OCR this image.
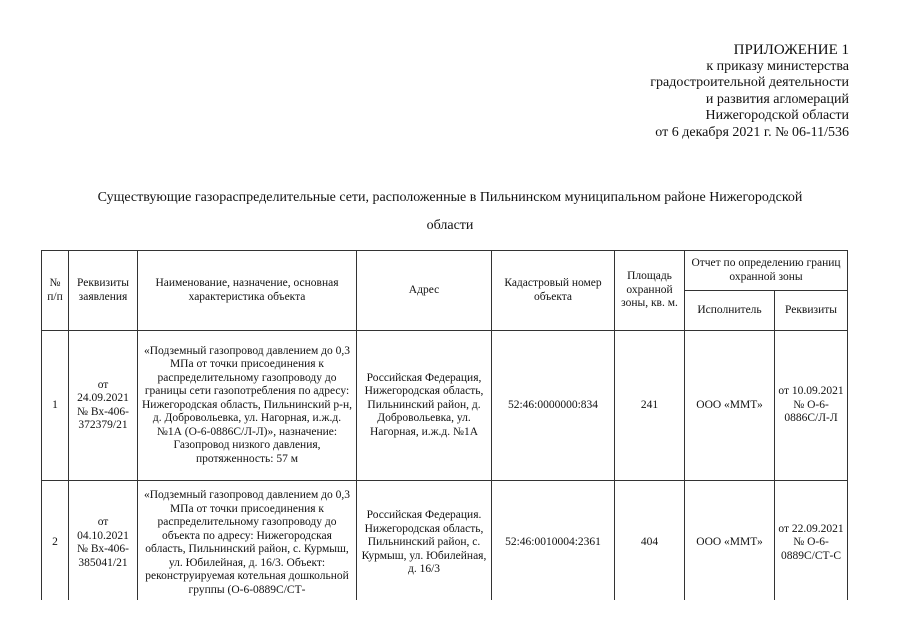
ПРИЛОЖЕНИЕ 1
к приказу министерства
градостроительной деятельности
и развития агломераций
Нижегородской области
от 6 декабря 2021 г. № 06-11/536
Существующие газораспределительные сети, расположенные в Пильнинском муниципальном районе Нижегородской
области
№ п/п	Реквизиты заявления	Наименование, назначение, основная характеристика объекта	Адрес	Кадастровый номер объекта	Площадь охранной зоны, кв. м.	Отчет по определению границ охранной зоны	
						Исполнитель	Реквизиты
1	от 24.09.2021 № Вх-406-372379/21	«Подземный газопровод давлением до 0,3 МПа от точки присоединения к распределительному газопроводу до границы сети газопотребления по адресу: Нижегородская область, Пильнинский р-н, д. Добровольевка, ул. Нагорная, и.ж.д. №1А (О-6-0886С/Л-Л)», назначение: Газопровод низкого давления, протяженность: 57 м	Российская Федерация, Нижегородская область, Пильнинский район, д. Добровольевка, ул. Нагорная, и.ж.д. №1А	52:46:0000000:834	241	ООО «ММТ»	от 10.09.2021 № О-6-0886С/Л-Л
2	от 04.10.2021 № Вх-406-385041/21	«Подземный газопровод давлением до 0,3 МПа от точки присоединения к распределительному газопроводу до объекта по адресу: Нижегородская область, Пильнинский район, с. Курмыш, ул. Юбилейная, д. 16/3. Объект: реконструируемая котельная дошкольной группы (О-6-0889С/СТ-	Российская Федерация. Нижегородская область, Пильнинский район, с. Курмыш, ул. Юбилейная, д. 16/3	52:46:0010004:2361	404	ООО «ММТ»	от 22.09.2021 № О-6-0889С/СТ-С
